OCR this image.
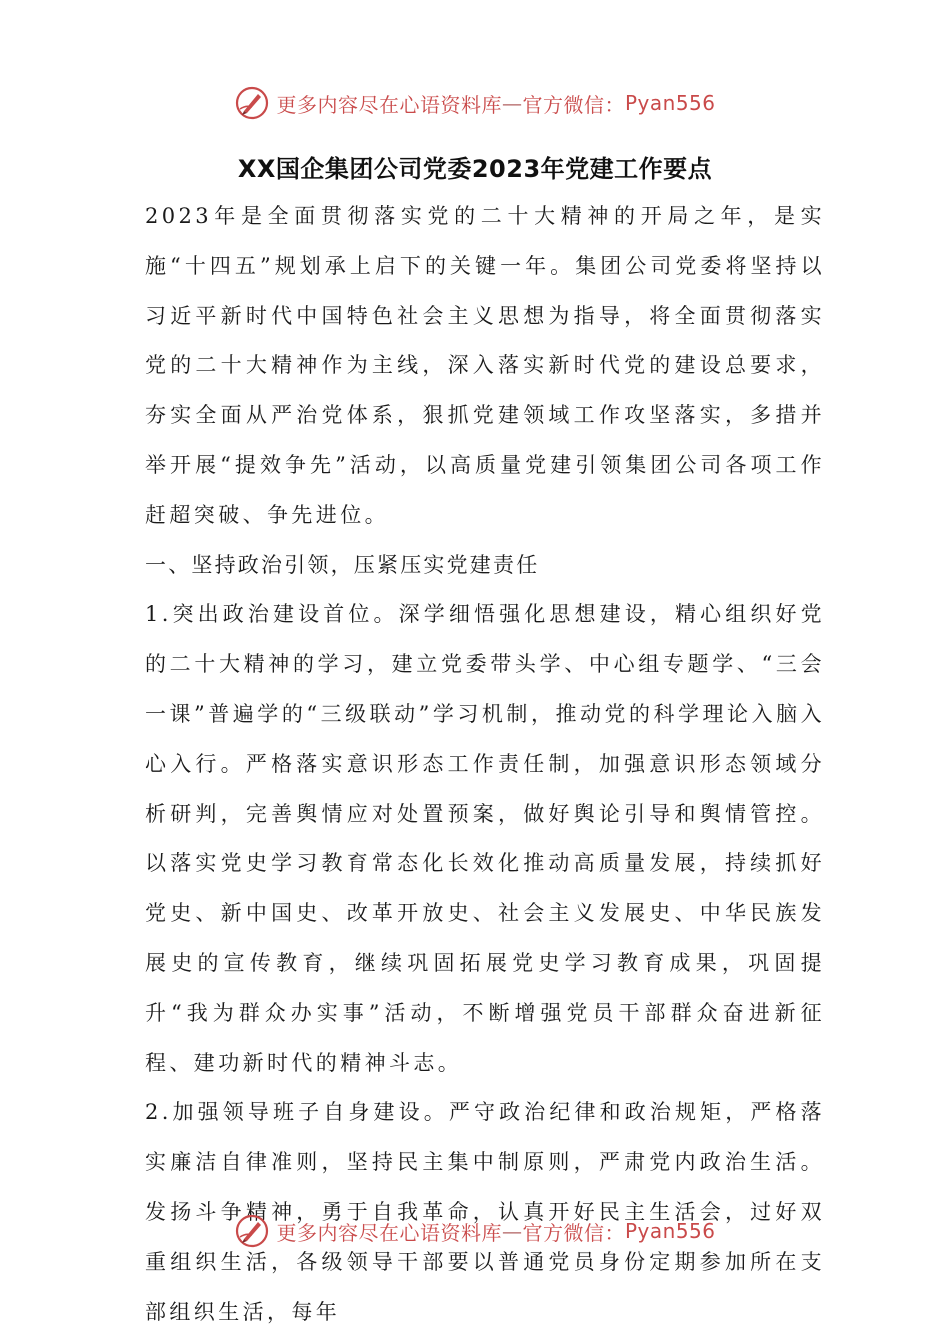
更多内容尽在心语资料库 — 官方微信： Pyan556
XX国企集团公司党委2023年党建工作要点

2023年是全面贯彻落实党的二十大精神的开局之年，是实施“十四五”规划承上启下的关键一年。集团公司党委将坚持以习近平新时代中国特色社会主义思想为指导，将全面贯彻落实党的二十大精神作为主线，深入落实新时代党的建设总要求，夯实全面从严治党体系，狠抓党建领域工作攻坚落实，多措并举开展“提效争先”活动，以高质量党建引领集团公司各项工作赶超突破、争先进位。

一、坚持政治引领，压紧压实党建责任

1.突出政治建设首位。深学细悟强化思想建设，精心组织好党的二十大精神的学习，建立党委带头学、中心组专题学、“三会一课”普遍学的“三级联动”学习机制，推动党的科学理论入脑入心入行。严格落实意识形态工作责任制，加强意识形态领域分析研判，完善舆情应对处置预案，做好舆论引导和舆情管控。以落实党史学习教育常态化长效化推动高质量发展，持续抓好党史、新中国史、改革开放史、社会主义发展史、中华民族发展史的宣传教育，继续巩固拓展党史学习教育成果，巩固提升“我为群众办实事”活动，不断增强党员干部群众奋进新征程、建功新时代的精神斗志。

2.加强领导班子自身建设。严守政治纪律和政治规矩，严格落实廉洁自律准则，坚持民主集中制原则，严肃党内政治生活。发扬斗争精神，勇于自我革命，认真开好民主生活会，过好双重组织生活，各级领导干部要以普通党员身份定期参加所在支部组织生活，每年

更多内容尽在心语资料库 — 官方微信： Pyan556
